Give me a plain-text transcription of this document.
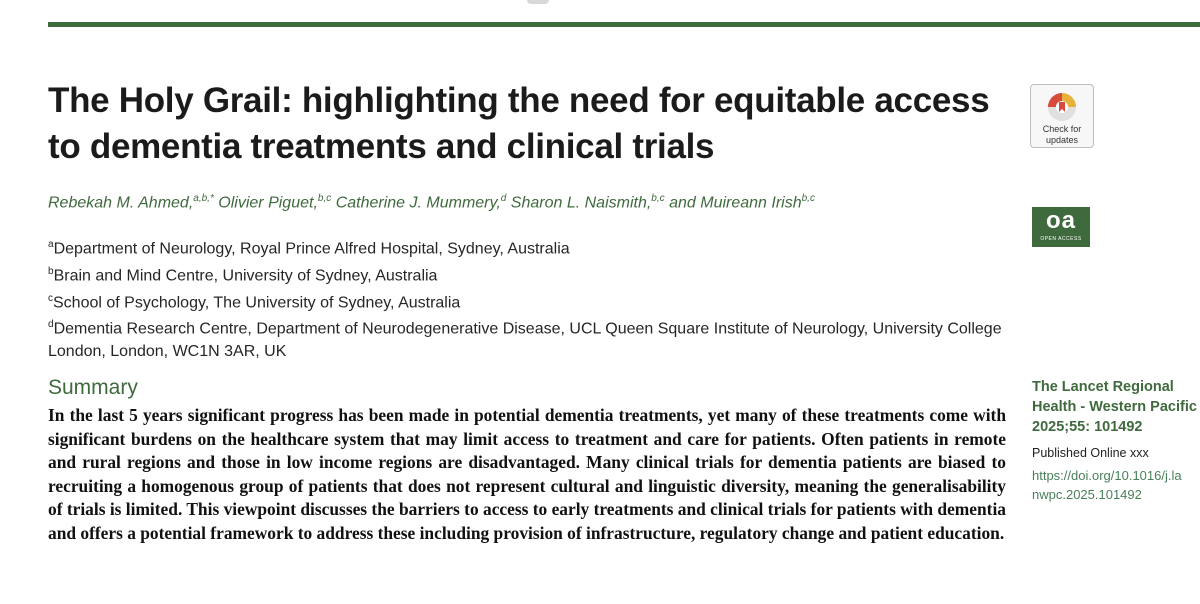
The Holy Grail: highlighting the need for equitable access to dementia treatments and clinical trials
Rebekah M. Ahmed,$^{a,b,*}$ Olivier Piguet,$^{b,c}$ Catherine J. Mummery,$^d$ Sharon L. Naismith,$^{b,c}$ and Muireann Irish$^{b,c}$
$^a$Department of Neurology, Royal Prince Alfred Hospital, Sydney, Australia
$^b$Brain and Mind Centre, University of Sydney, Australia
$^c$School of Psychology, The University of Sydney, Australia
$^d$Dementia Research Centre, Department of Neurodegenerative Disease, UCL Queen Square Institute of Neurology, University College London, London, WC1N 3AR, UK
Summary

In the last 5 years significant progress has been made in potential dementia treatments, yet many of these treatments come with significant burdens on the healthcare system that may limit access to treatment and care for patients. Often patients in remote and rural regions and those in low income regions are disadvantaged. Many clinical trials for dementia patients are biased to recruiting a homogenous group of patients that does not represent cultural and linguistic diversity, meaning the generalisability of trials is limited. This viewpoint discusses the barriers to access to early treatments and clinical trials for patients with dementia and offers a potential framework to address these including provision of infrastructure, regulatory change and patient education.

Check for
updates
oa
OPEN ACCESS
The Lancet Regional Health - Western Pacific 2025;55: 101492
Published Online xxx
https://doi.org/10.1016/j.lanwpc.2025.101492
